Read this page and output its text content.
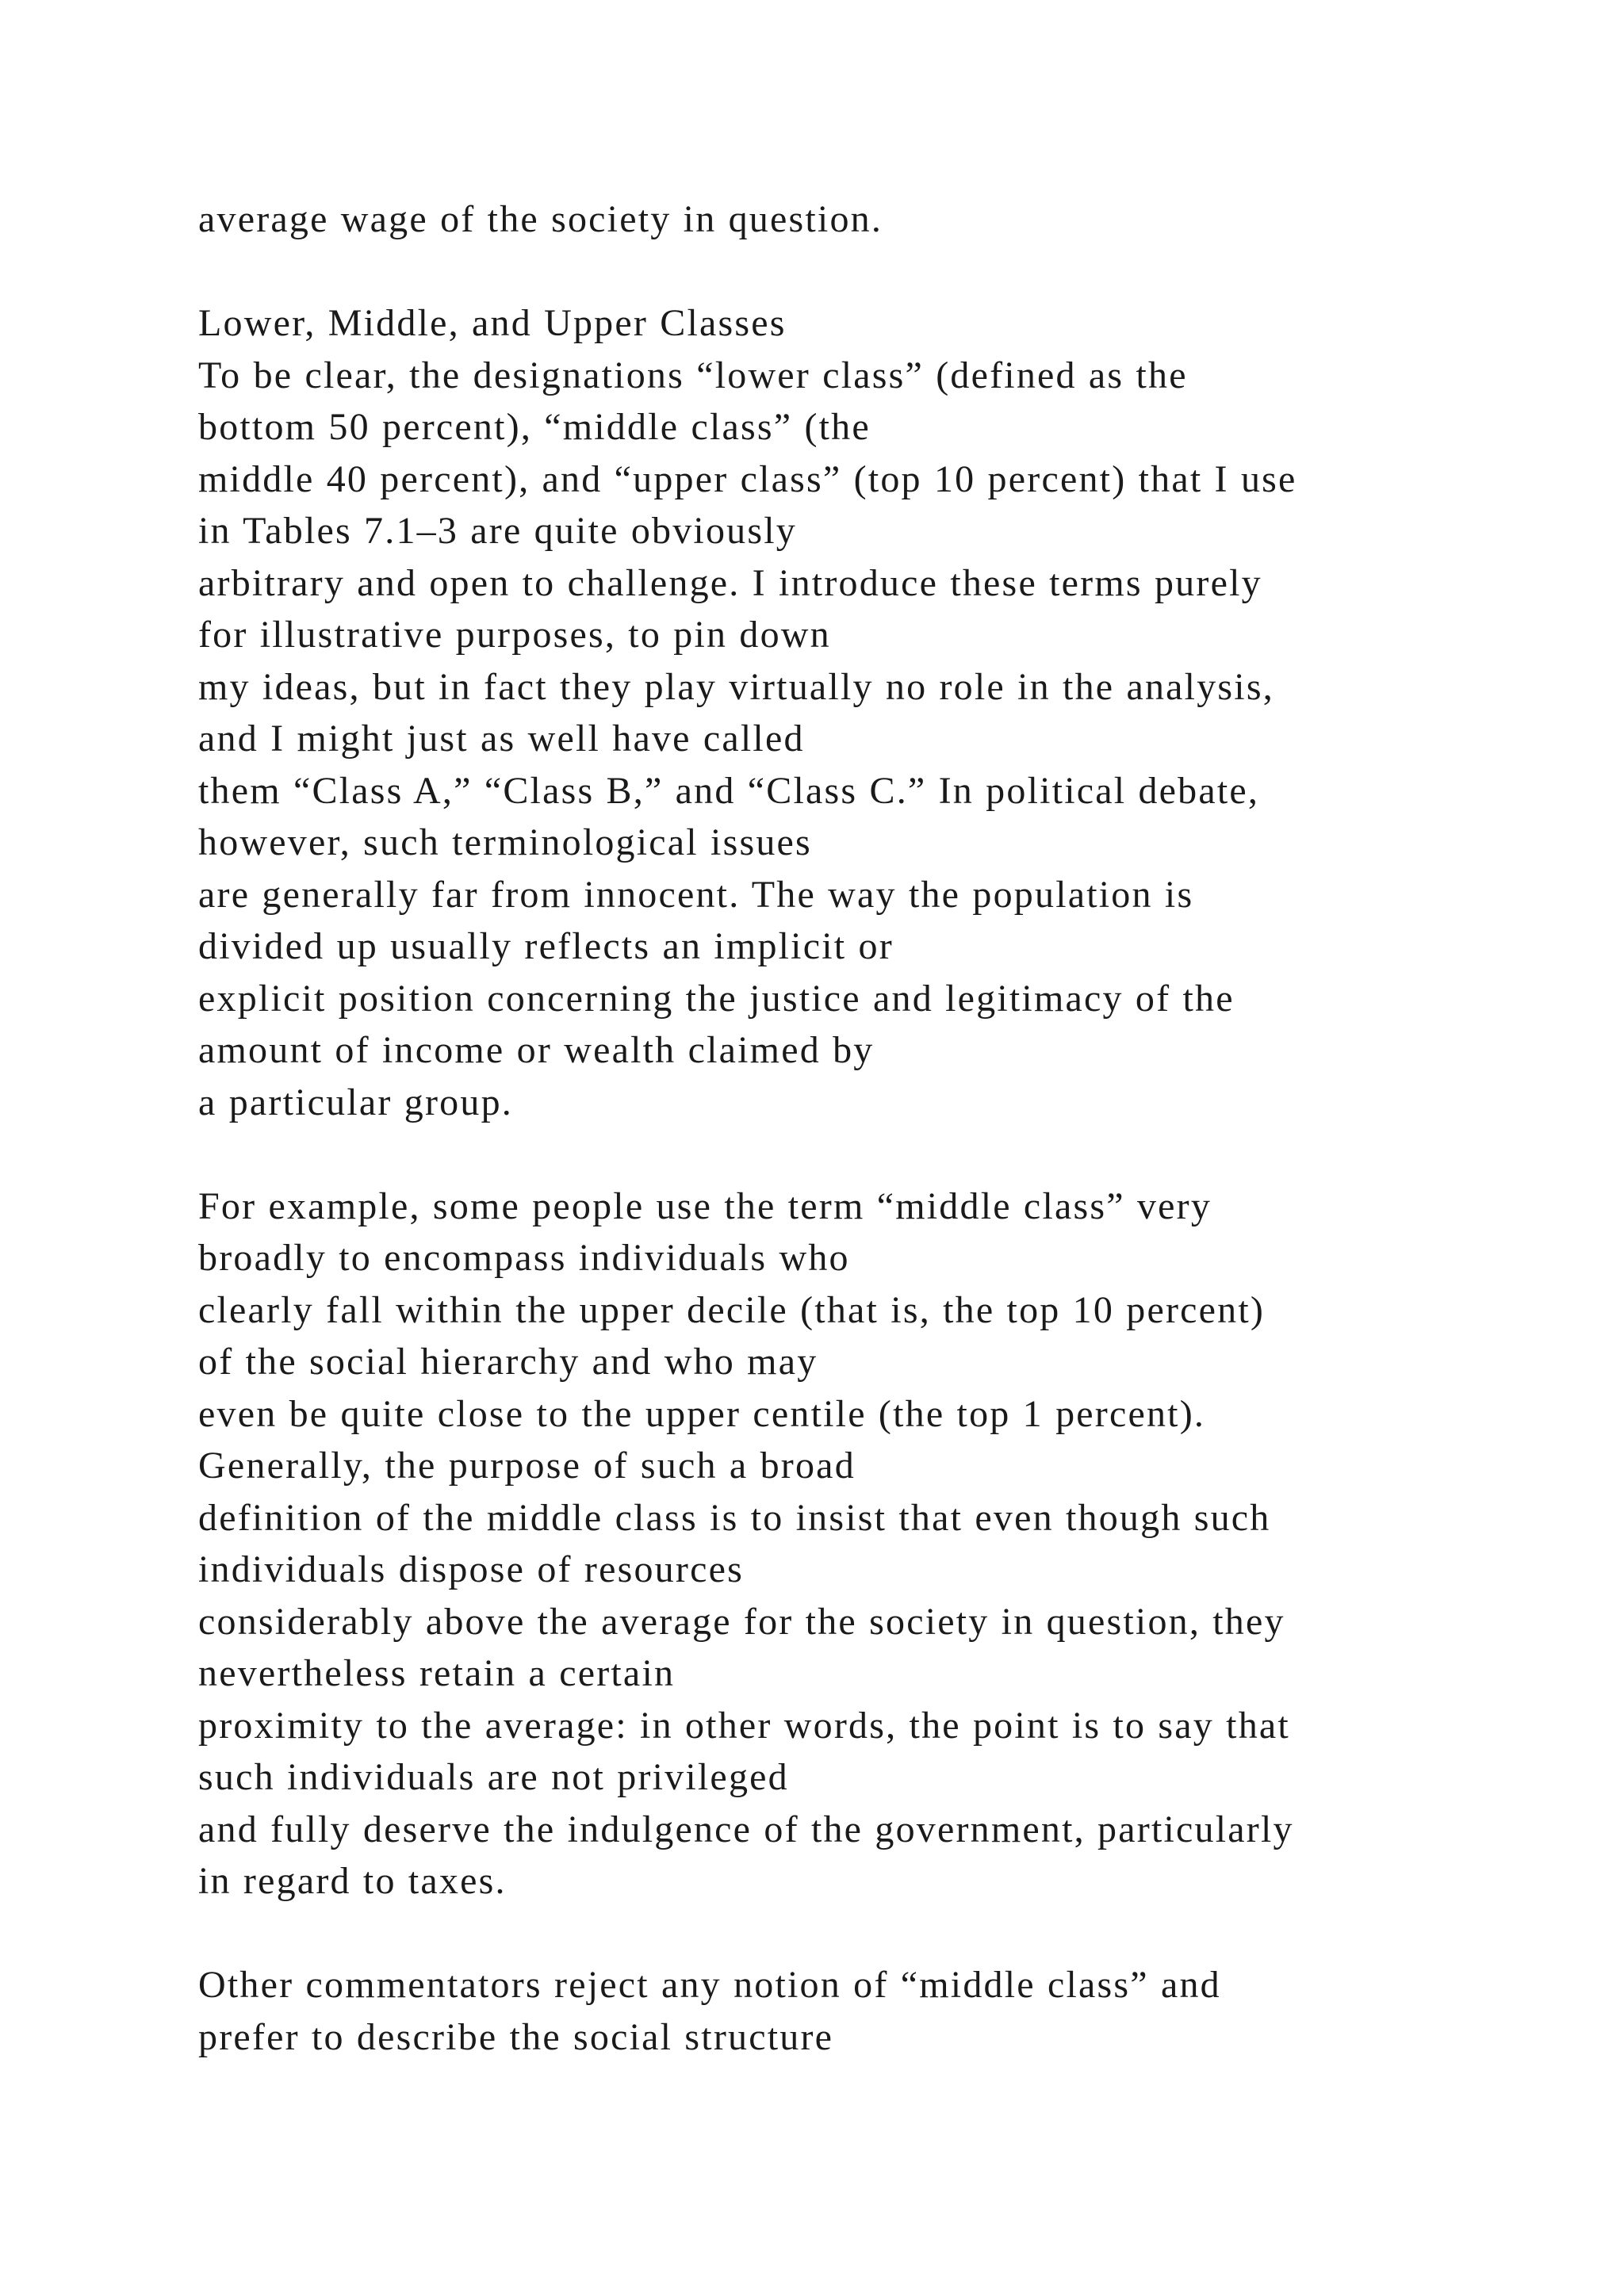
average wage of the society in question.
Lower, Middle, and Upper Classes
To be clear, the designations “lower class” (defined as the
bottom 50 percent), “middle class” (the
middle 40 percent), and “upper class” (top 10 percent) that I use
in Tables 7.1–3 are quite obviously
arbitrary and open to challenge. I introduce these terms purely
for illustrative purposes, to pin down
my ideas, but in fact they play virtually no role in the analysis,
and I might just as well have called
them “Class A,” “Class B,” and “Class C.” In political debate,
however, such terminological issues
are generally far from innocent. The way the population is
divided up usually reflects an implicit or
explicit position concerning the justice and legitimacy of the
amount of income or wealth claimed by
a particular group.
For example, some people use the term “middle class” very
broadly to encompass individuals who
clearly fall within the upper decile (that is, the top 10 percent)
of the social hierarchy and who may
even be quite close to the upper centile (the top 1 percent).
Generally, the purpose of such a broad
definition of the middle class is to insist that even though such
individuals dispose of resources
considerably above the average for the society in question, they
nevertheless retain a certain
proximity to the average: in other words, the point is to say that
such individuals are not privileged
and fully deserve the indulgence of the government, particularly
in regard to taxes.
Other commentators reject any notion of “middle class” and
prefer to describe the social structure
